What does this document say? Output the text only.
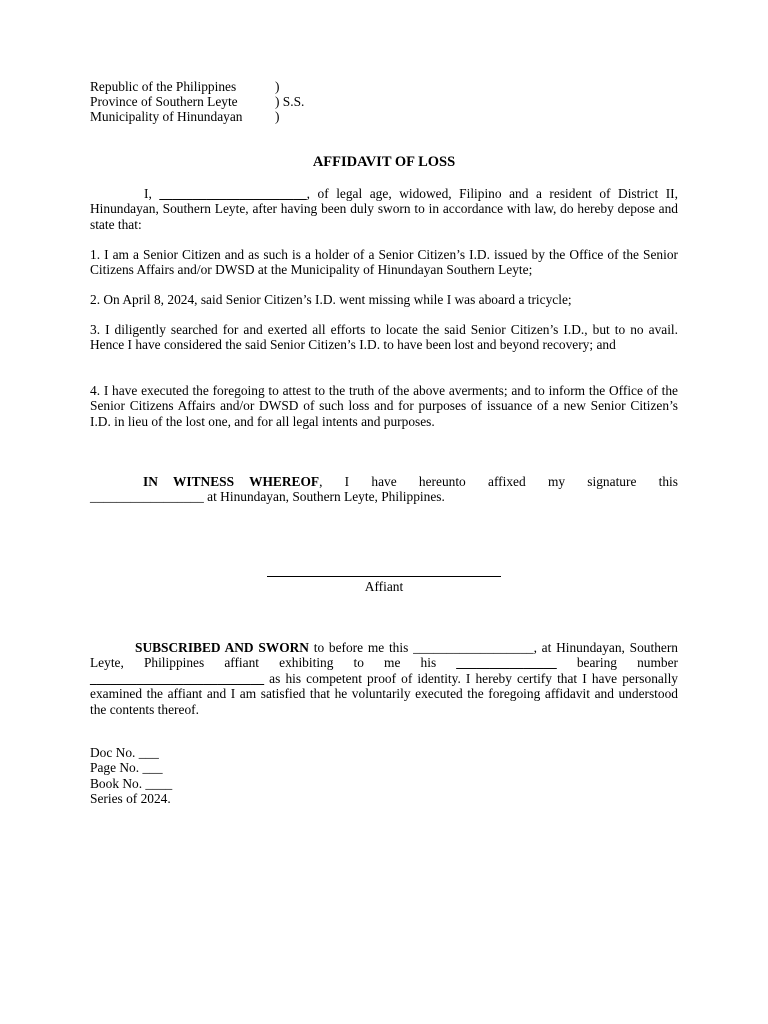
Republic of the Philippines	)
Province of Southern Leyte	) S.S.
Municipality of Hinundayan	)
AFFIDAVIT OF LOSS

I, ______________________, of legal age, widowed, Filipino and a resident of District II, Hinundayan, Southern Leyte, after having been duly sworn to in accordance with law, do hereby depose and state that:

1. I am a Senior Citizen and as such is a holder of a Senior Citizen’s I.D. issued by the Office of the Senior Citizens Affairs and/or DWSD at the Municipality of Hinundayan Southern Leyte;

2. On April 8, 2024, said Senior Citizen’s I.D. went missing while I was aboard a tricycle;

3. I diligently searched for and exerted all efforts to locate the said Senior Citizen’s I.D., but to no avail. Hence I have considered the said Senior Citizen’s I.D. to have been lost and beyond recovery; and

4. I have executed the foregoing to attest to the truth of the above averments; and to inform the Office of the Senior Citizens Affairs and/or DWSD of such loss and for purposes of issuance of a new Senior Citizen’s I.D. in lieu of the lost one, and for all legal intents and purposes.

IN WITNESS WHEREOF , I have hereunto affixed my signature this
_________________ at Hinundayan, Southern Leyte, Philippines.

Affiant

SUBSCRIBED AND SWORN to before me this __________________, at Hinundayan, Southern Leyte, Philippines affiant exhibiting to me his _______________ bearing number __________________________ as his competent proof of identity. I hereby certify that I have personally examined the affiant and I am satisfied that he voluntarily executed the foregoing affidavit and understood the contents thereof.

Doc No. ___
Page No. ___
Book No. ____
Series of 2024.
